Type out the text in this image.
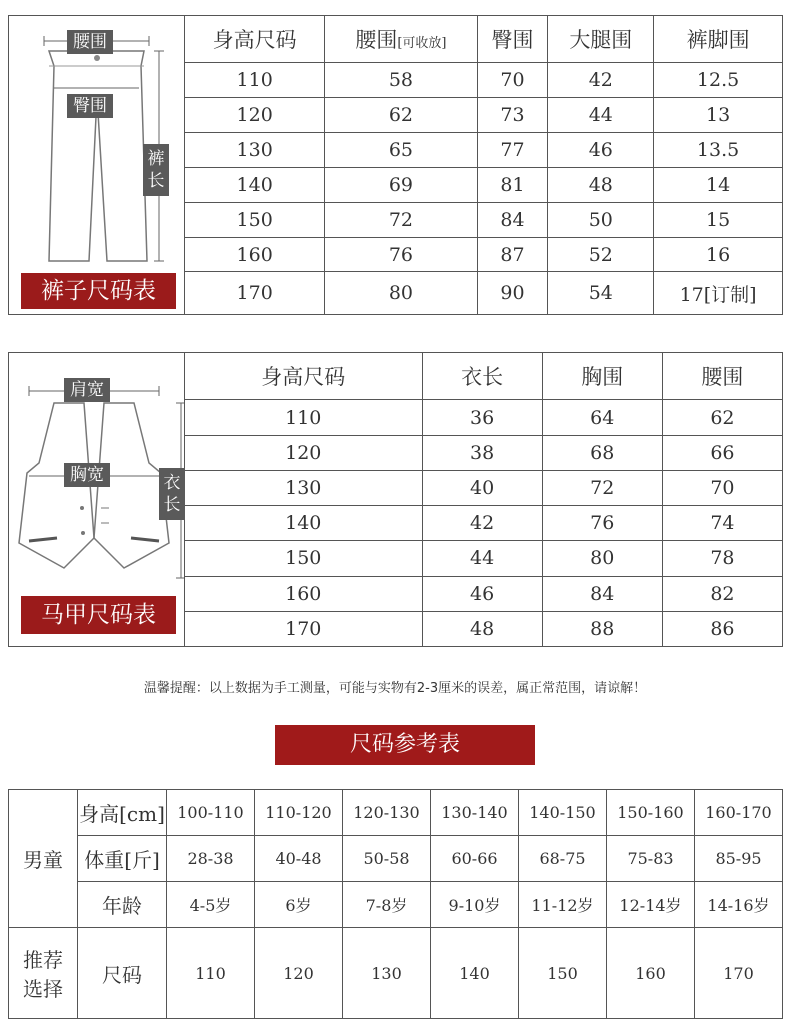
腰围
臀围
裤
长
裤子尺码表	身高尺码	腰围[可收放]	臀围	大腿围	裤脚围
	110	58	70	42	12.5
	120	62	73	44	13
	130	65	77	46	13.5
	140	69	81	48	14
	150	72	84	50	15
	160	76	87	52	16
	170	80	90	54	17[订制]
肩宽
胸宽 衣
长
马甲尺码表	身高尺码	衣长	胸围	腰围
	110	36	64	62
	120	38	68	66
	130	40	72	70
	140	42	76	74
	150	44	80	78
	160	46	84	82
	170	48	88	86
温馨提醒：以上数据为手工测量，可能与实物有2-3厘米的误差，属正常范围，请谅解！
尺码参考表
男童	身高[cm]	100-110	110-120	120-130	130-140	140-150	150-160	160-170
	体重[斤]	28-38	40-48	50-58	60-66	68-75	75-83	85-95
	年龄	4-5岁	6岁	7-8岁	9-10岁	11-12岁	12-14岁	14-16岁
推荐
选择	尺码	110	120	130	140	150	160	170
